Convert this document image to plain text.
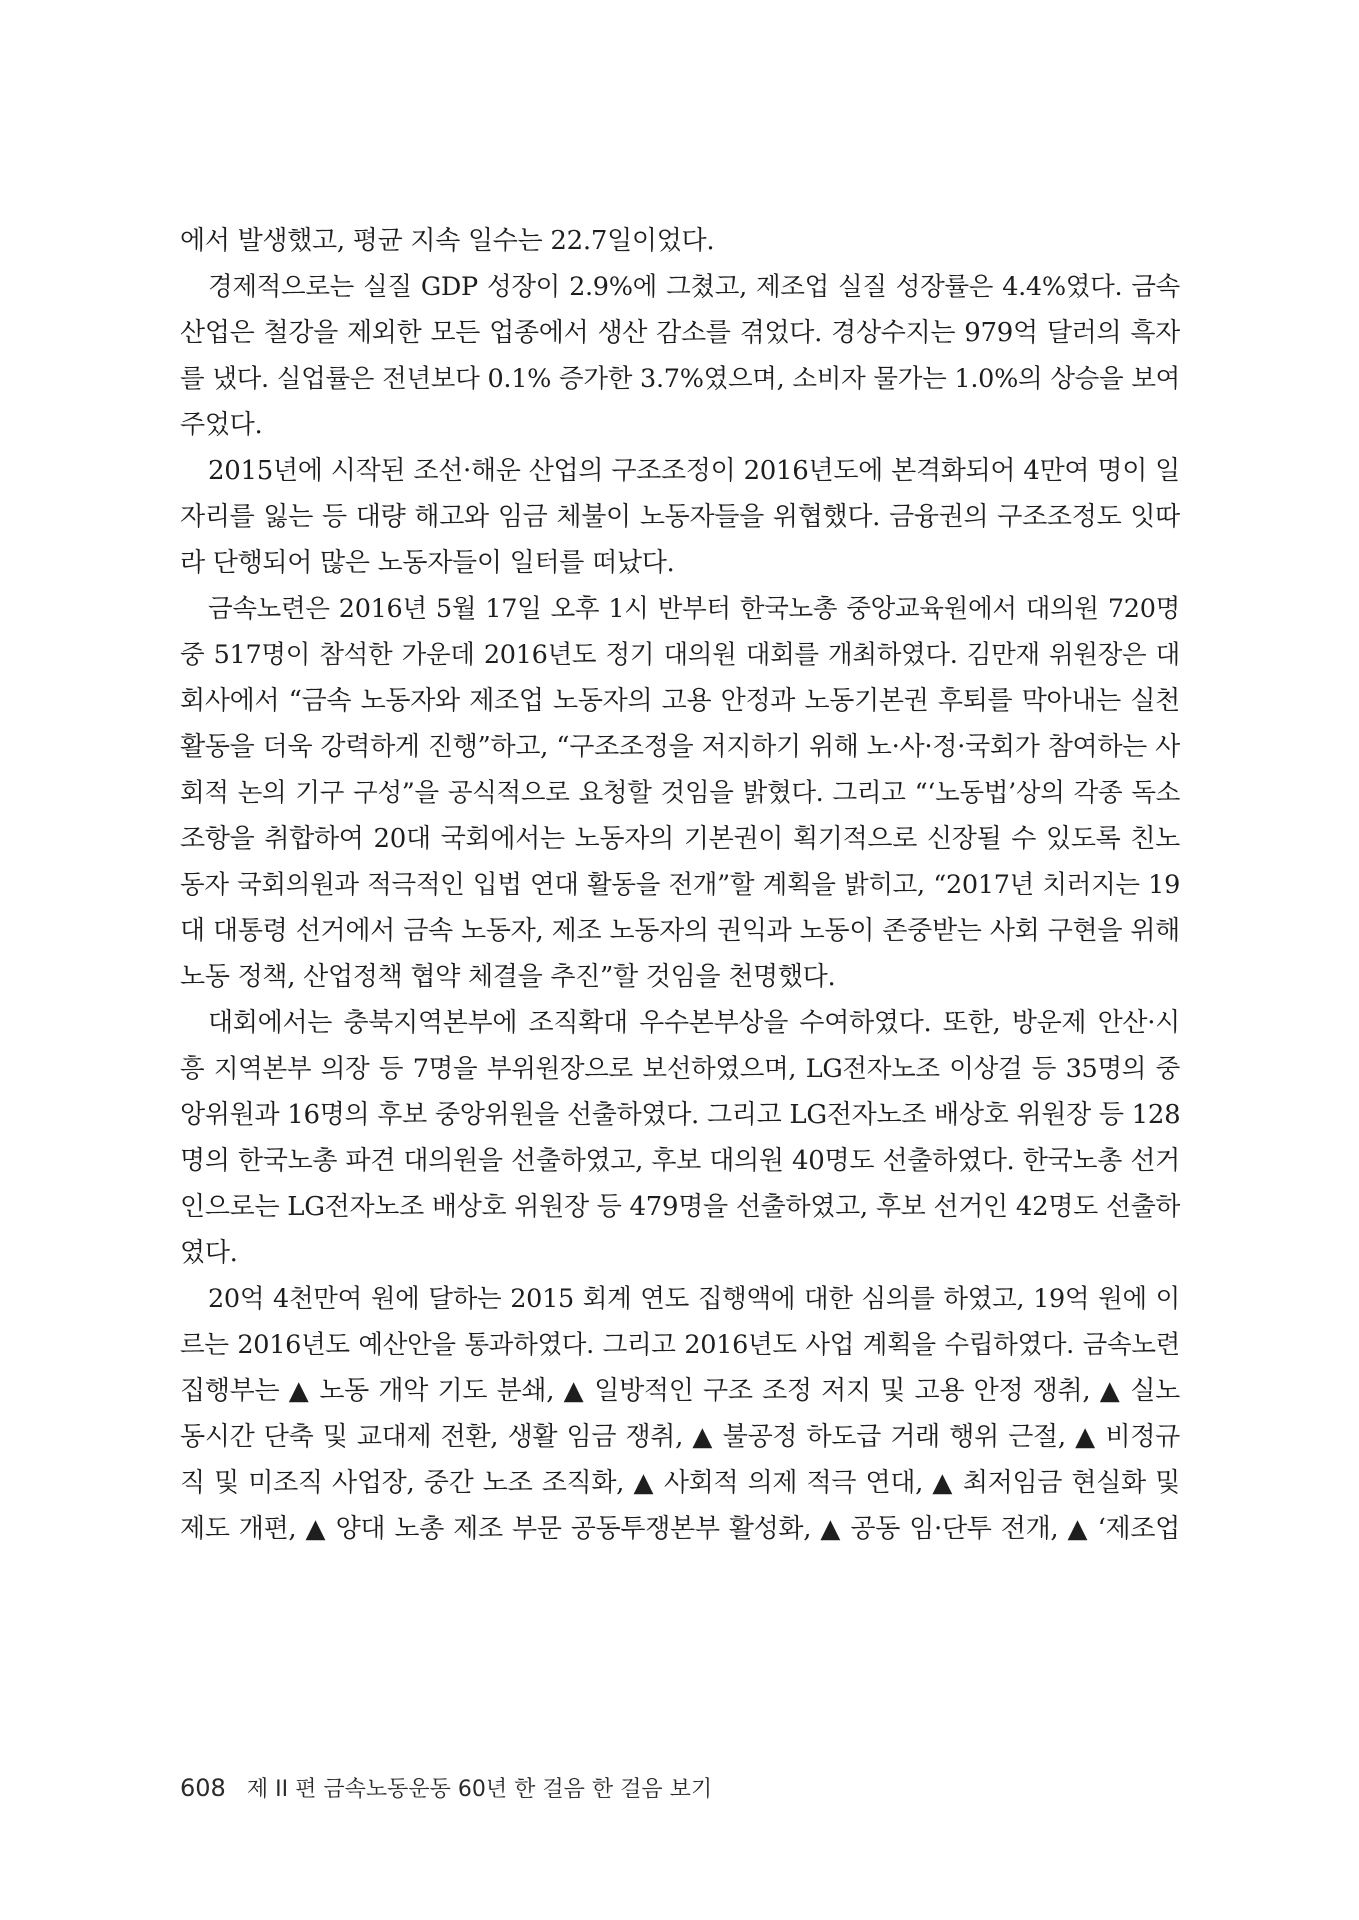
에서 발생했고, 평균 지속 일수는 22.7일이었다.
경제적으로는 실질 GDP 성장이 2.9%에 그쳤고, 제조업 실질 성장률은 4.4%였다. 금속
산업은 철강을 제외한 모든 업종에서 생산 감소를 겪었다. 경상수지는 979억 달러의 흑자
를 냈다. 실업률은 전년보다 0.1% 증가한 3.7%였으며, 소비자 물가는 1.0%의 상승을 보여
주었다.
2015년에 시작된 조선·해운 산업의 구조조정이 2016년도에 본격화되어 4만여 명이 일
자리를 잃는 등 대량 해고와 임금 체불이 노동자들을 위협했다. 금융권의 구조조정도 잇따
라 단행되어 많은 노동자들이 일터를 떠났다.
금속노련은 2016년 5월 17일 오후 1시 반부터 한국노총 중앙교육원에서 대의원 720명
중 517명이 참석한 가운데 2016년도 정기 대의원 대회를 개최하였다. 김만재 위원장은 대
회사에서 “금속 노동자와 제조업 노동자의 고용 안정과 노동기본권 후퇴를 막아내는 실천
활동을 더욱 강력하게 진행”하고, “구조조정을 저지하기 위해 노·사·정·국회가 참여하는 사
회적 논의 기구 구성”을 공식적으로 요청할 것임을 밝혔다. 그리고 “‘노동법’상의 각종 독소
조항을 취합하여 20대 국회에서는 노동자의 기본권이 획기적으로 신장될 수 있도록 친노
동자 국회의원과 적극적인 입법 연대 활동을 전개”할 계획을 밝히고, “2017년 치러지는 19
대 대통령 선거에서 금속 노동자, 제조 노동자의 권익과 노동이 존중받는 사회 구현을 위해
노동 정책, 산업정책 협약 체결을 추진”할 것임을 천명했다.
대회에서는 충북지역본부에 조직확대 우수본부상을 수여하였다. 또한, 방운제 안산·시
흥 지역본부 의장 등 7명을 부위원장으로 보선하였으며, LG전자노조 이상걸 등 35명의 중
앙위원과 16명의 후보 중앙위원을 선출하였다. 그리고 LG전자노조 배상호 위원장 등 128
명의 한국노총 파견 대의원을 선출하였고, 후보 대의원 40명도 선출하였다. 한국노총 선거
인으로는 LG전자노조 배상호 위원장 등 479명을 선출하였고, 후보 선거인 42명도 선출하
였다.
20억 4천만여 원에 달하는 2015 회계 연도 집행액에 대한 심의를 하였고, 19억 원에 이
르는 2016년도 예산안을 통과하였다. 그리고 2016년도 사업 계획을 수립하였다. 금속노련
집행부는 ▲ 노동 개악 기도 분쇄, ▲ 일방적인 구조 조정 저지 및 고용 안정 쟁취, ▲ 실노
동시간 단축 및 교대제 전환, 생활 임금 쟁취, ▲ 불공정 하도급 거래 행위 근절, ▲ 비정규
직 및 미조직 사업장, 중간 노조 조직화, ▲ 사회적 의제 적극 연대, ▲ 최저임금 현실화 및
제도 개편, ▲ 양대 노총 제조 부문 공동투쟁본부 활성화, ▲ 공동 임·단투 전개, ▲ ‘제조업
608 제 II 편 금속노동운동 60년 한 걸음 한 걸음 보기
